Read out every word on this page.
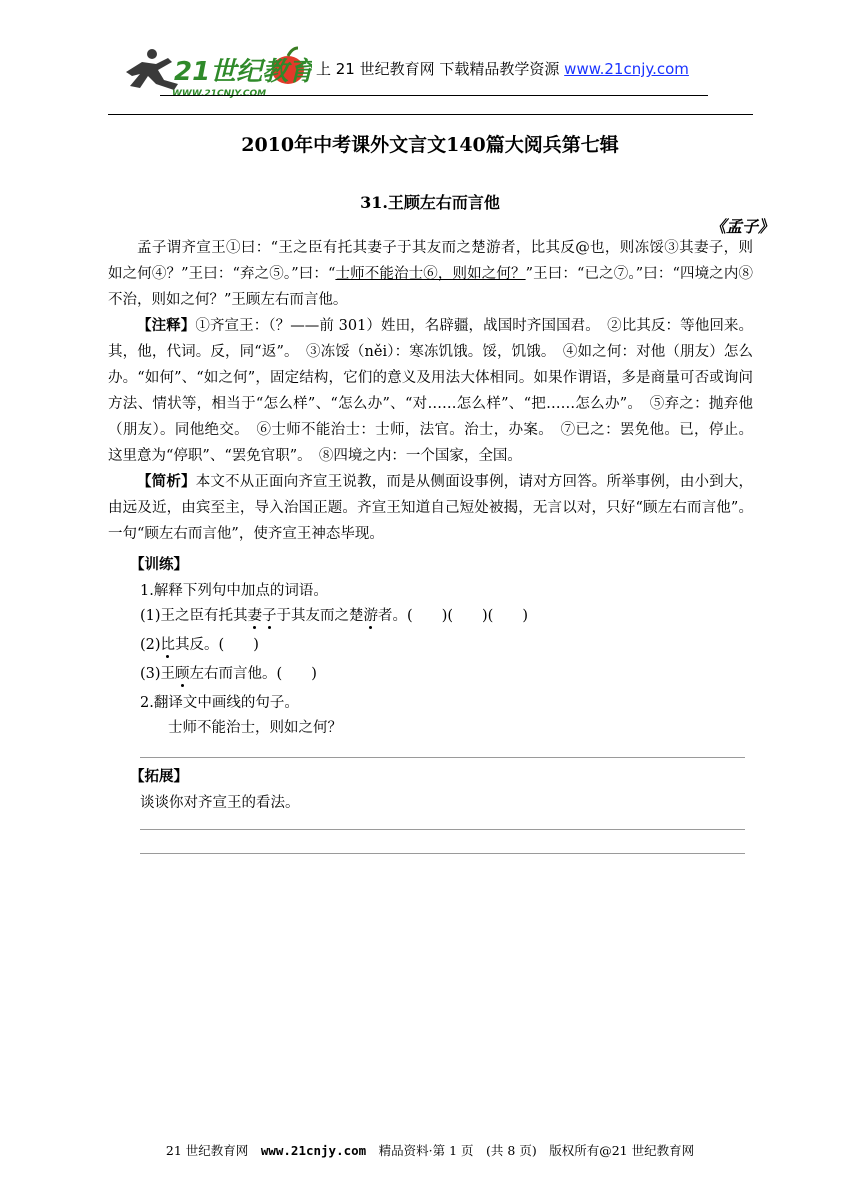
21世纪教育
WWW.21CNJY.COM
上 21 世纪教育网 下载精品教学资源 www.21cnjy.com
2010年中考课外文言文140篇大阅兵第七辑
31.王顾左右而言他
《孟子》

孟子谓齐宣王①曰：“王之臣有托其妻子于其友而之楚游者，比其反@也，则冻馁③其妻子，则如之何④？”王曰：“弃之⑤。”曰：“士师不能治士⑥，则如之何？”王曰：“已之⑦。”曰：“四境之内⑧不治，则如之何？”王顾左右而言他。

【注释】①齐宣王：（？——前 301）姓田，名辟疆，战国时齐国国君。　②比其反：等他回来。其，他，代词。反，同“返”。　③冻馁（něi）：寒冻饥饿。馁，饥饿。　④如之何：对他（朋友）怎么办。“如何”、“如之何”，固定结构，它们的意义及用法大体相同。如果作谓语，多是商量可否或询问方法、情状等，相当于“怎么样”、“怎么办”、“对……怎么样”、“把……怎么办”。　⑤弃之：抛弃他（朋友）。同他绝交。　⑥士师不能治士：士师，法官。治士，办案。　⑦已之：罢免他。已，停止。这里意为“停职”、“罢免官职”。　⑧四境之内：一个国家，全国。

【简析】本文不从正面向齐宣王说教，而是从侧面设事例，请对方回答。所举事例，由小到大，由远及近，由宾至主，导入治国正题。齐宣王知道自己短处被揭，无言以对，只好“顾左右而言他”。一句“顾左右而言他”，使齐宣王神态毕现。

【训练】
1.解释下列句中加点的词语。
(1)王之臣有托其妻子于其友而之楚游者。(　　)(　　)(　　)
(2)比其反。(　　)
(3)王顾左右而言他。(　　)
2.翻译文中画线的句子。
士师不能治士，则如之何？
【拓展】
谈谈你对齐宣王的看法。
21 世纪教育网　www.21cnjy.com　精品资料·第 1 页　(共 8 页)　版权所有@21 世纪教育网
